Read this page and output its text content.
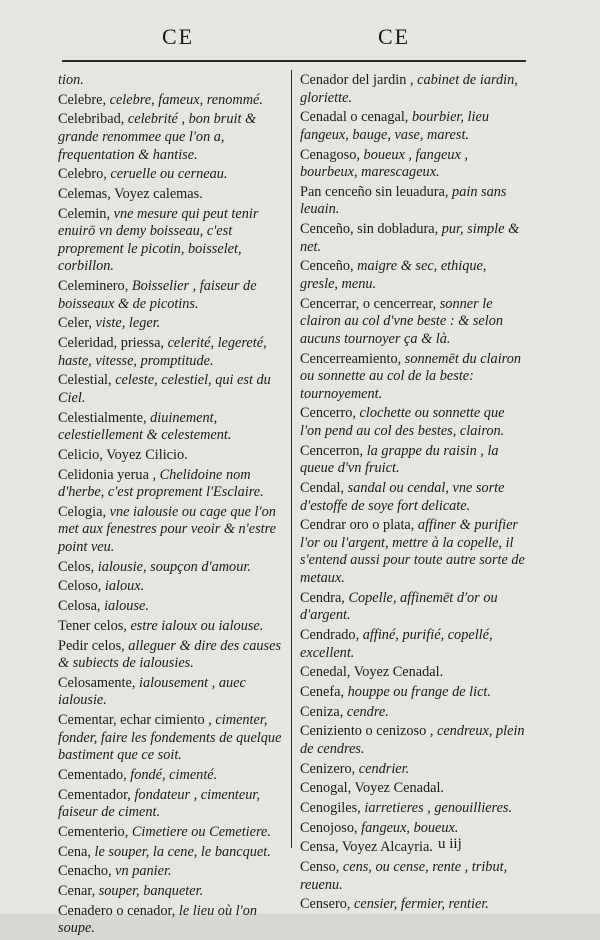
CE	CE
tion.
Celebre, celebre, fameux, renommé.
Celebribad, celebrité , bon bruit & grande renommee que l'on a, frequentation & hantise.
Celebro, ceruelle ou cerneau.
Celemas, Voyez calemas.
Celemin, vne mesure qui peut tenir enuirō vn demy boisseau, c'est proprement le picotin, boisselet, corbillon.
Celeminero, Boisselier , faiseur de boisseaux & de picotins.
Celer, viste, leger.
Celeridad, priessa, celerité, legereté, haste, vitesse, promptitude.
Celestial, celeste, celestiel, qui est du Ciel.
Celestialmente, diuinement, celestiellement & celestement.
Celicio, Voyez Cilicio.
Celidonia yerua , Chelidoine nom d'herbe, c'est proprement l'Esclaire.
Celogia, vne ialousie ou cage que l'on met aux fenestres pour veoir & n'estre point veu.
Celos, ialousie, soupçon d'amour.
Celoso, ialoux.
Celosa, ialouse.
Tener celos, estre ialoux ou ialouse.
Pedir celos, alleguer & dire des causes & subiects de ialousies.
Celosamente, ialousement , auec ialousie.
Cementar, echar cimiento , cimenter, fonder, faire les fondements de quelque bastiment que ce soit.
Cementado, fondé, cimenté.
Cementador, fondateur , cimenteur, faiseur de ciment.
Cementerio, Cimetiere ou Cemetiere.
Cena, le souper, la cene, le bancquet.
Cenacho, vn panier.
Cenar, souper, banqueter.
Cenadero o cenador, le lieu où l'on soupe.
Cenador del jardin , cabinet de iardin, gloriette.
Cenadal o cenagal, bourbier, lieu fangeux, bauge, vase, marest.
Cenagoso, boueux , fangeux , bourbeux, marescageux.
Pan cenceño sin leuadura, pain sans leuain.
Cenceño, sin dobladura, pur, simple & net.
Cenceño, maigre & sec, ethique, gresle, menu.
Cencerrar, o cencerrear, sonner le clairon au col d'vne beste : & selon aucuns tournoyer ça & là.
Cencerreamiento, sonnemēt du clairon ou sonnette au col de la beste: tournoyement.
Cencerro, clochette ou sonnette que l'on pend au col des bestes, clairon.
Cencerron, la grappe du raisin , la queue d'vn fruict.
Cendal, sandal ou cendal, vne sorte d'estoffe de soye fort delicate.
Cendrar oro o plata, affiner & purifier l'or ou l'argent, mettre à la copelle, il s'entend aussi pour toute autre sorte de metaux.
Cendra, Copelle, affinemēt d'or ou d'argent.
Cendrado, affiné, purifié, copellé, excellent.
Cenedal, Voyez Cenadal.
Cenefa, houppe ou frange de lict.
Ceniza, cendre.
Ceniziento o cenizoso , cendreux, plein de cendres.
Cenizero, cendrier.
Cenogal, Voyez Cenadal.
Cenogiles, iarretieres , genouillieres.
Cenojoso, fangeux, boueux.
Censa, Voyez Alcayria.
Censo, cens, ou cense, rente , tribut, reuenu.
Censero, censier, fermier, rentier.
u iij
